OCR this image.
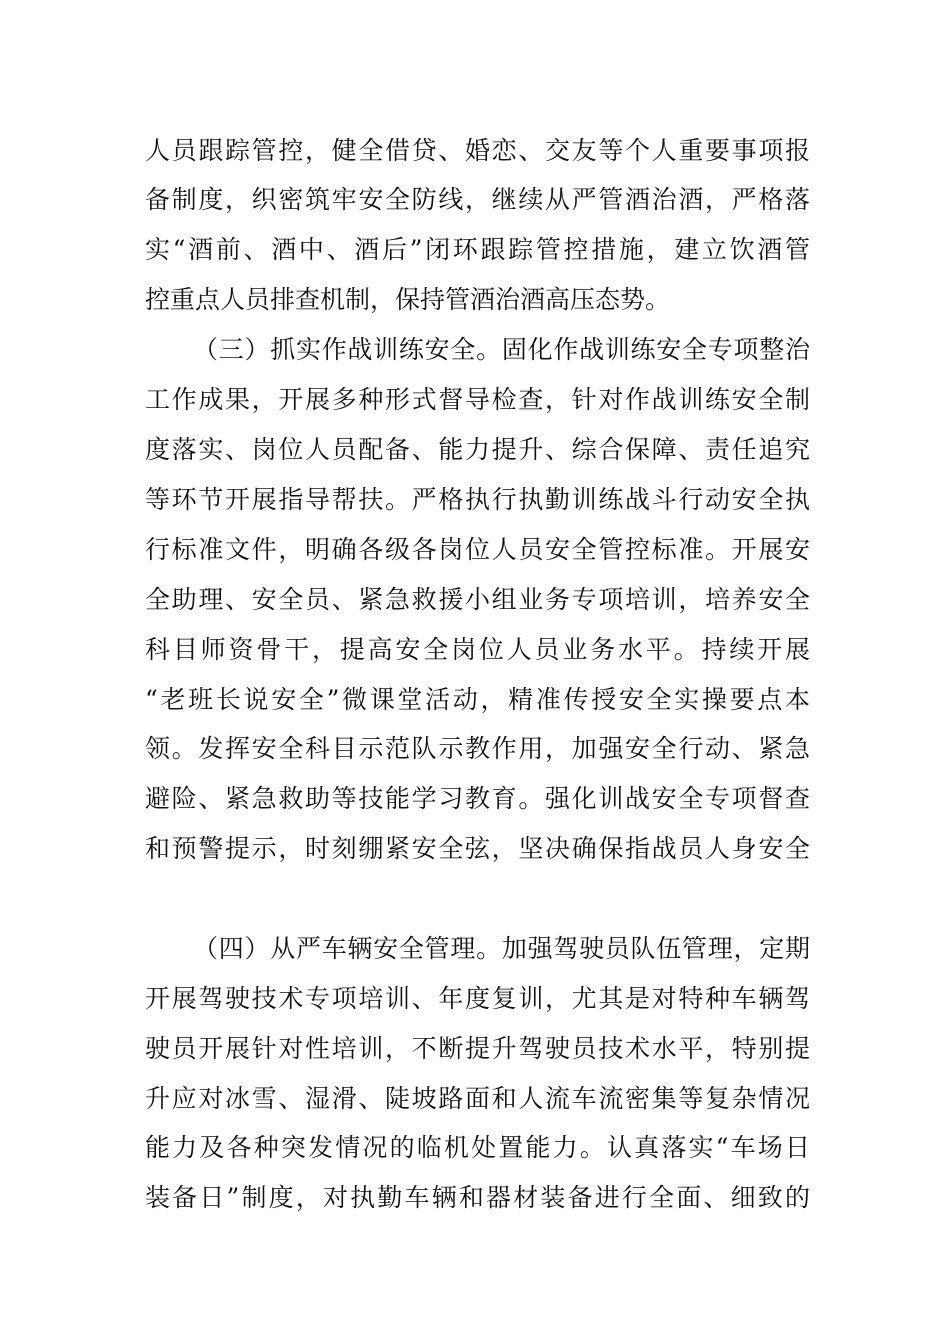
人员跟踪管控，健全借贷、婚恋、交友等个人重要事项报
备制度，织密筑牢安全防线，继续从严管酒治酒，严格落
实“酒前、酒中、酒后”闭环跟踪管控措施，建立饮酒管
控重点人员排查机制，保持管酒治酒高压态势。
（三）抓实作战训练安全。固化作战训练安全专项整治
工作成果，开展多种形式督导检查，针对作战训练安全制
度落实、岗位人员配备、能力提升、综合保障、责任追究
等环节开展指导帮扶。严格执行执勤训练战斗行动安全执
行标准文件，明确各级各岗位人员安全管控标准。开展安
全助理、安全员、紧急救援小组业务专项培训，培养安全
科目师资骨干，提高安全岗位人员业务水平。持续开展
“老班长说安全”微课堂活动，精准传授安全实操要点本
领。发挥安全科目示范队示教作用，加强安全行动、紧急
避险、紧急救助等技能学习教育。强化训战安全专项督查
和预警提示，时刻绷紧安全弦，坚决确保指战员人身安全
（四）从严车辆安全管理。加强驾驶员队伍管理，定期
开展驾驶技术专项培训、年度复训，尤其是对特种车辆驾
驶员开展针对性培训，不断提升驾驶员技术水平，特别提
升应对冰雪、湿滑、陡坡路面和人流车流密集等复杂情况
能力及各种突发情况的临机处置能力。认真落实“车场日
装备日”制度，对执勤车辆和器材装备进行全面、细致的
